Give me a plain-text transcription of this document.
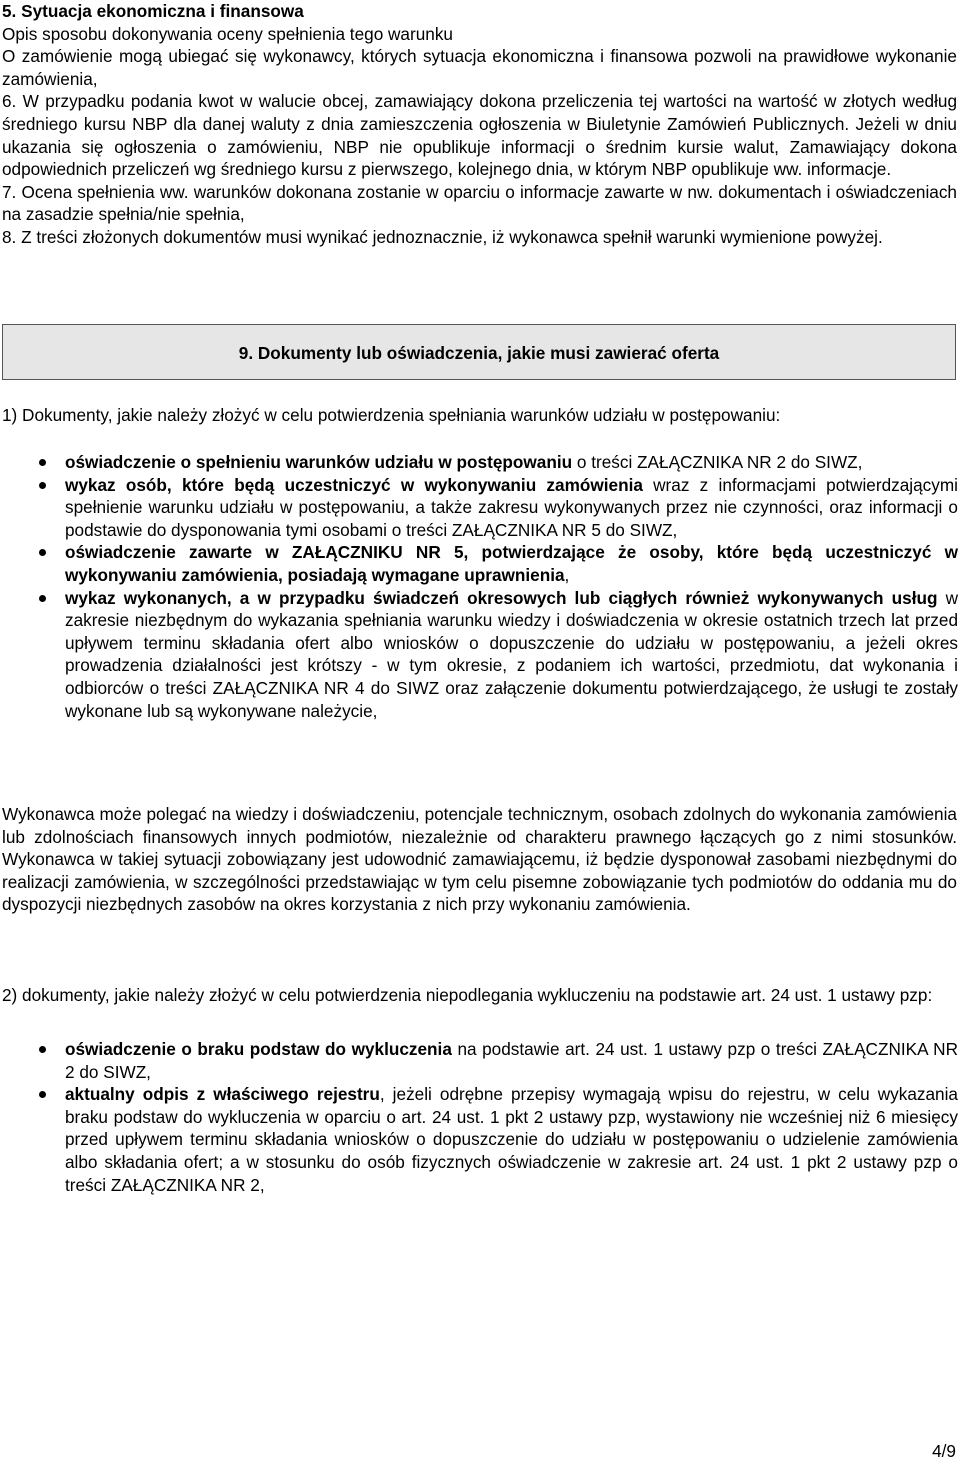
5. Sytuacja ekonomiczna i finansowa

Opis sposobu dokonywania oceny spełnienia tego warunku

O zamówienie mogą ubiegać się wykonawcy, których sytuacja ekonomiczna i finansowa pozwoli na prawidłowe wykonanie zamówienia,

6. W przypadku podania kwot w walucie obcej, zamawiający dokona przeliczenia tej wartości na wartość w złotych według średniego kursu NBP dla danej waluty z dnia zamieszczenia ogłoszenia w Biuletynie Zamówień Publicznych. Jeżeli w dniu ukazania się ogłoszenia o zamówieniu, NBP nie opublikuje informacji o średnim kursie walut, Zamawiający dokona odpowiednich przeliczeń wg średniego kursu z pierwszego, kolejnego dnia, w którym NBP opublikuje ww. informacje.

7. Ocena spełnienia ww. warunków dokonana zostanie w oparciu o informacje zawarte w nw. dokumentach i oświadczeniach na zasadzie spełnia/nie spełnia,

8. Z treści złożonych dokumentów musi wynikać jednoznacznie, iż wykonawca spełnił warunki wymienione powyżej.

9. Dokumenty lub oświadczenia, jakie musi zawierać oferta

1) Dokumenty, jakie należy złożyć w celu potwierdzenia spełniania warunków udziału w postępowaniu:

oświadczenie o spełnieniu warunków udziału w postępowaniu o treści ZAŁĄCZNIKA NR 2 do SIWZ,
wykaz osób, które będą uczestniczyć w wykonywaniu zamówienia wraz z informacjami potwierdzającymi spełnienie warunku udziału w postępowaniu, a także zakresu wykonywanych przez nie czynności, oraz informacji o podstawie do dysponowania tymi osobami o treści ZAŁĄCZNIKA NR 5 do SIWZ,
oświadczenie zawarte w ZAŁĄCZNIKU NR 5, potwierdzające że osoby, które będą uczestniczyć w wykonywaniu zamówienia, posiadają wymagane uprawnienia,
wykaz wykonanych, a w przypadku świadczeń okresowych lub ciągłych również wykonywanych usług w zakresie niezbędnym do wykazania spełniania warunku wiedzy i doświadczenia w okresie ostatnich trzech lat przed upływem terminu składania ofert albo wniosków o dopuszczenie do udziału w postępowaniu, a jeżeli okres prowadzenia działalności jest krótszy - w tym okresie, z podaniem ich wartości, przedmiotu, dat wykonania i odbiorców o treści ZAŁĄCZNIKA NR 4 do SIWZ oraz załączenie dokumentu potwierdzającego, że usługi te zostały wykonane lub są wykonywane należycie,

Wykonawca może polegać na wiedzy i doświadczeniu, potencjale technicznym, osobach zdolnych do wykonania zamówienia lub zdolnościach finansowych innych podmiotów, niezależnie od charakteru prawnego łączących go z nimi stosunków. Wykonawca w takiej sytuacji zobowiązany jest udowodnić zamawiającemu, iż będzie dysponował zasobami niezbędnymi do realizacji zamówienia, w szczególności przedstawiając w tym celu pisemne zobowiązanie tych podmiotów do oddania mu do dyspozycji niezbędnych zasobów na okres korzystania z nich przy wykonaniu zamówienia.

2) dokumenty, jakie należy złożyć w celu potwierdzenia niepodlegania wykluczeniu na podstawie art. 24 ust. 1 ustawy pzp:

oświadczenie o braku podstaw do wykluczenia na podstawie art. 24 ust. 1 ustawy pzp o treści ZAŁĄCZNIKA NR 2 do SIWZ,
aktualny odpis z właściwego rejestru, jeżeli odrębne przepisy wymagają wpisu do rejestru, w celu wykazania braku podstaw do wykluczenia w oparciu o art. 24 ust. 1 pkt 2 ustawy pzp, wystawiony nie wcześniej niż 6 miesięcy przed upływem terminu składania wniosków o dopuszczenie do udziału w postępowaniu o udzielenie zamówienia albo składania ofert; a w stosunku do osób fizycznych oświadczenie w zakresie art. 24 ust. 1 pkt 2 ustawy pzp o treści ZAŁĄCZNIKA NR 2,
4/9
